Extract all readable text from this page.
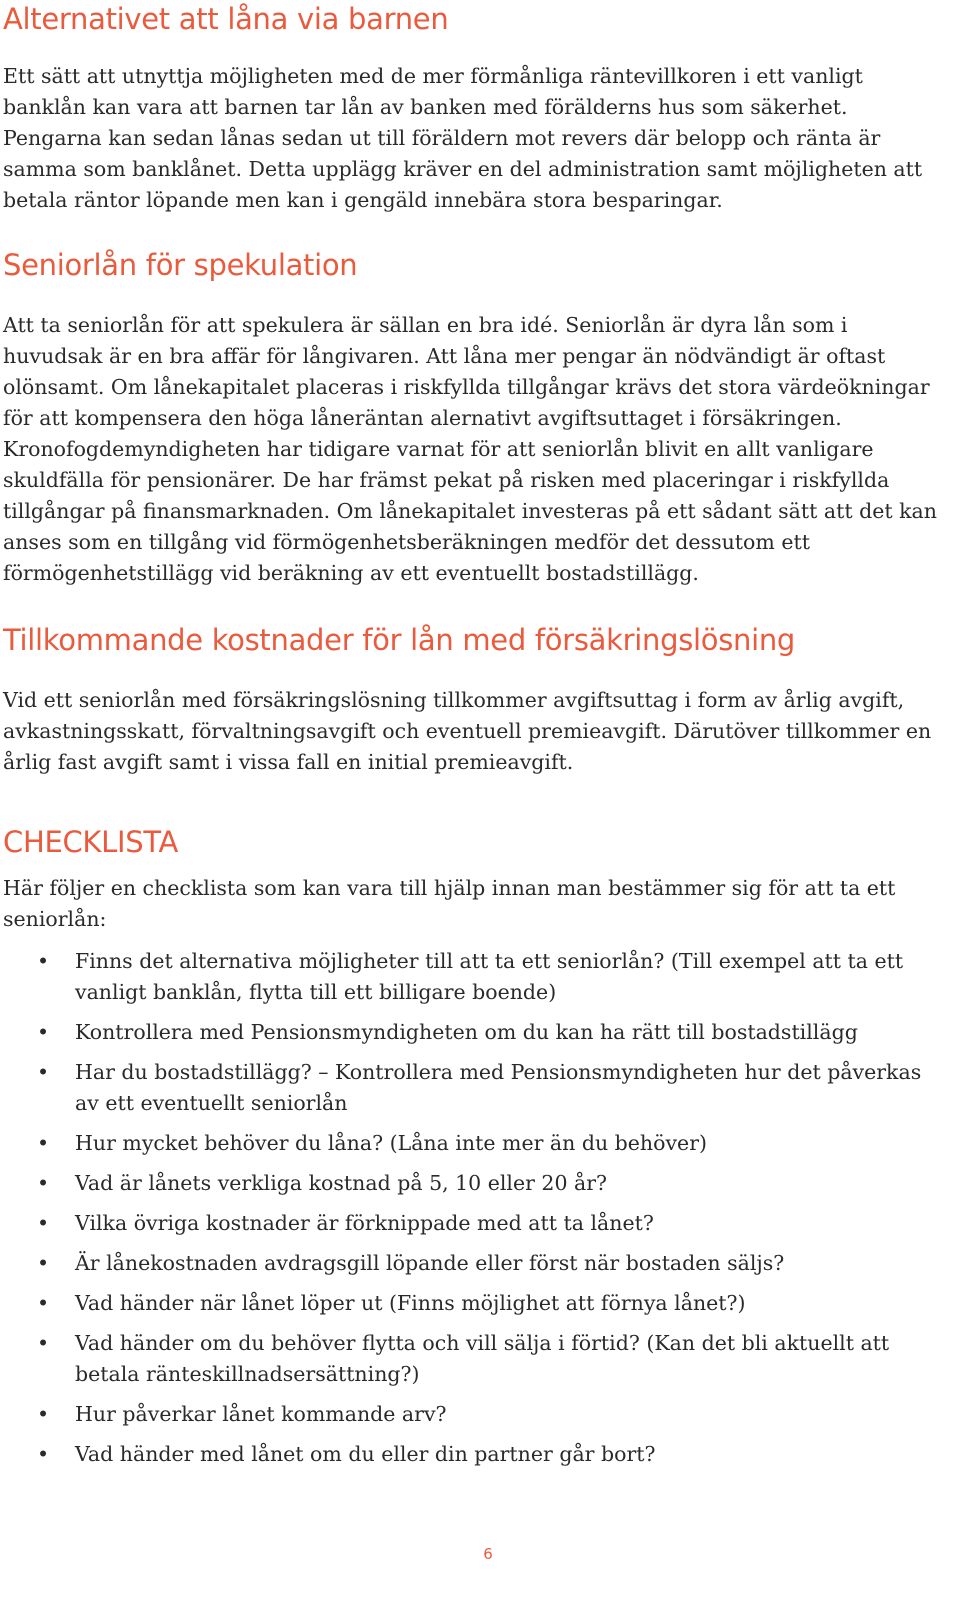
Alternativet att låna via barnen

Ett sätt att utnyttja möjligheten med de mer förmånliga räntevillkoren i ett vanligt banklån kan vara att barnen tar lån av banken med förälderns hus som säkerhet. Pengarna kan sedan lånas sedan ut till föräldern mot revers där belopp och ränta är samma som banklånet. Detta upplägg kräver en del administration samt möjligheten att betala räntor löpande men kan i gengäld innebära stora besparingar.

Seniorlån för spekulation

Att ta seniorlån för att spekulera är sällan en bra idé. Seniorlån är dyra lån som i huvudsak är en bra affär för långivaren. Att låna mer pengar än nödvändigt är oftast olönsamt. Om lånekapitalet placeras i riskfyllda tillgångar krävs det stora värdeökningar för att kompensera den höga låneräntan alernativt avgiftsuttaget i försäkringen. Kronofogdemyndigheten har tidigare varnat för att seniorlån blivit en allt vanligare skuldfälla för pensionärer. De har främst pekat på risken med placeringar i riskfyllda tillgångar på finansmarknaden. Om lånekapitalet investeras på ett sådant sätt att det kan anses som en tillgång vid förmögenhetsberäkningen medför det dessutom ett förmögenhetstillägg vid beräkning av ett eventuellt bostadstillägg.

Tillkommande kostnader för lån med försäkringslösning

Vid ett seniorlån med försäkringslösning tillkommer avgiftsuttag i form av årlig avgift, avkastningsskatt, förvaltningsavgift och eventuell premieavgift. Därutöver tillkommer en årlig fast avgift samt i vissa fall en initial premieavgift.

CHECKLISTA

Här följer en checklista som kan vara till hjälp innan man bestämmer sig för att ta ett seniorlån:

• Finns det alternativa möjligheter till att ta ett seniorlån? (Till exempel att ta ett vanligt banklån, flytta till ett billigare boende)
• Kontrollera med Pensionsmyndigheten om du kan ha rätt till bostadstillägg
• Har du bostadstillägg? – Kontrollera med Pensionsmyndigheten hur det påverkas av ett eventuellt seniorlån
• Hur mycket behöver du låna? (Låna inte mer än du behöver)
• Vad är lånets verkliga kostnad på 5, 10 eller 20 år?
• Vilka övriga kostnader är förknippade med att ta lånet?
• Är lånekostnaden avdragsgill löpande eller först när bostaden säljs?
• Vad händer när lånet löper ut (Finns möjlighet att förnya lånet?)
• Vad händer om du behöver flytta och vill sälja i förtid? (Kan det bli aktuellt att betala ränteskillnadsersättning?)
• Hur påverkar lånet kommande arv?
• Vad händer med lånet om du eller din partner går bort?
6
